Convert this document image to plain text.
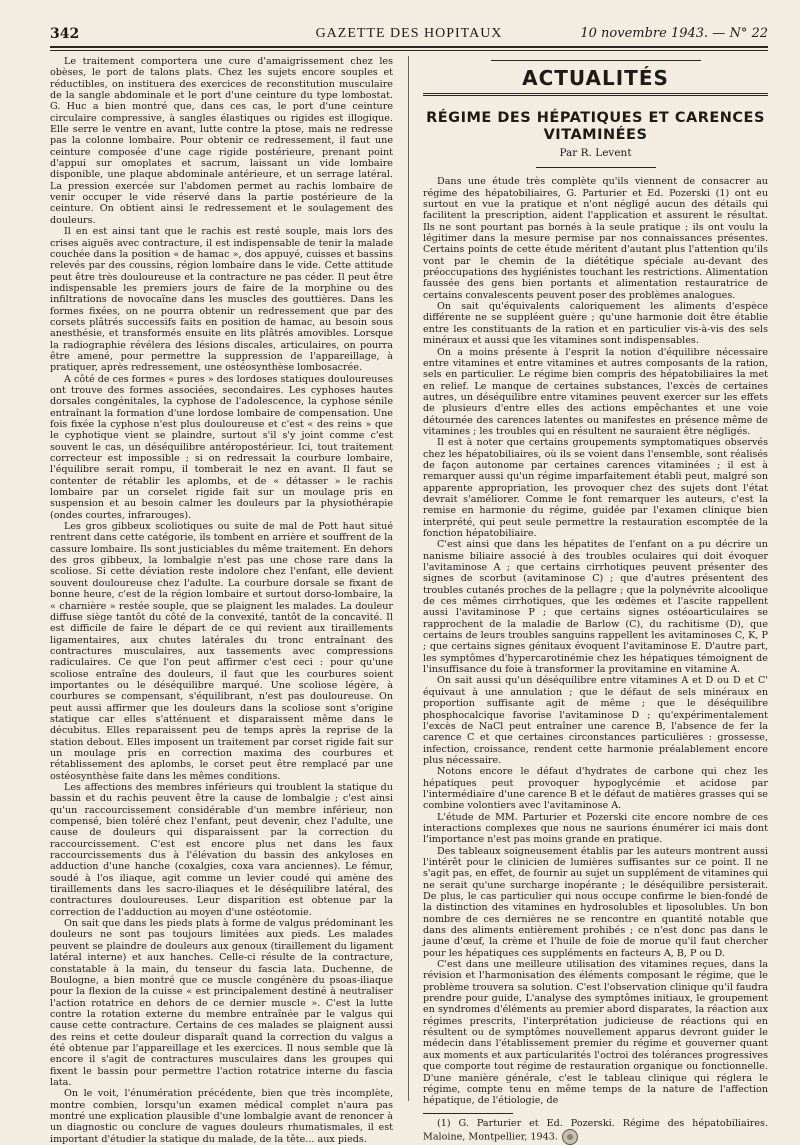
342	GAZETTE DES HOPITAUX	10 novembre 1943. — N° 22

Le traitement comportera une cure d'amaigrissement chez les obèses, le port de talons plats. Chez les sujets encore souples et réductibles, on instituera des exercices de reconstitution musculaire de la sangle abdominale et le port d'une ceinture du type lombostat. G. Huc a bien montré que, dans ces cas, le port d'une ceinture circulaire compressive, à sangles élastiques ou rigides est illogique. Elle serre le ventre en avant, lutte contre la ptose, mais ne redresse pas la colonne lombaire. Pour obtenir ce redressement, il faut une ceinture composée d'une cage rigide postérieure, prenant point d'appui sur omoplates et sacrum, laissant un vide lombaire disponible, une plaque abdominale antérieure, et un serrage latéral. La pression exercée sur l'abdomen permet au rachis lombaire de venir occuper le vide réservé dans la partie postérieure de la ceinture. On obtient ainsi le redressement et le soulagement des douleurs.

Il en est ainsi tant que le rachis est resté souple, mais lors des crises aiguës avec contracture, il est indispensable de tenir la malade couchée dans la position « de hamac », dos appuyé, cuisses et bassins relevés par des coussins, région lombaire dans le vide. Cette attitude peut être très douloureuse et la contracture ne pas céder. Il peut être indispensable les premiers jours de faire de la morphine ou des infiltrations de novocaïne dans les muscles des gouttières. Dans les formes fixées, on ne pourra obtenir un redressement que par des corsets plâtrés successifs faits en position de hamac, au besoin sous anesthésie, et transformés ensuite en lits plâtrés amovibles. Lorsque la radiographie révélera des lésions discales, articulaires, on pourra être amené, pour permettre la suppression de l'appareillage, à pratiquer, après redressement, une ostéosynthèse lombosacrée.

A côté de ces formes « pures » des lordoses statiques douloureuses ont trouve des formes associées, secondaires. Les cyphoses hautes dorsales congénitales, la cyphose de l'adolescence, la cyphose sénile entraînant la formation d'une lordose lombaire de compensation. Une fois fixée la cyphose n'est plus douloureuse et c'est « des reins » que le cyphotique vient se plaindre, surtout s'il s'y joint comme c'est souvent le cas, un déséquilibre antéropostérieur. Ici, tout traitement correcteur est impossible ; si on redressait la courbure lombaire, l'équilibre serait rompu, il tomberait le nez en avant. Il faut se contenter de rétablir les aplombs, et de « détasser » le rachis lombaire par un corselet rigide fait sur un moulage pris en suspension et au besoin calmer les douleurs par la physiothérapie (ondes courtes, infrarouges).

Les gros gibbeux scoliotiques ou suite de mal de Pott haut situé rentrent dans cette catégorie, ils tombent en arrière et souffrent de la cassure lombaire. Ils sont justiciables du même traitement. En dehors des gros gibbeux, la lombalgie n'est pas une chose rare dans la scoliose. Si cette déviation reste indolore chez l'enfant, elle devient souvent douloureuse chez l'adulte. La courbure dorsale se fixant de bonne heure, c'est de la région lombaire et surtout dorso-lombaire, la « charnière » restée souple, que se plaignent les malades. La douleur diffuse siège tantôt du côté de la convexité, tantôt de la concavité. Il est difficile de faire le départ de ce qui revient aux tiraillements ligamentaires, aux chutes latérales du tronc entraînant des contractures musculaires, aux tassements avec compressions radiculaires. Ce que l'on peut affirmer c'est ceci : pour qu'une scoliose entraîne des douleurs, il faut que les courbures soient importantes ou le déséquilibre marqué. Une scoliose légère, à courbures se compensant, s'équilibrant, n'est pas douloureuse. On peut aussi affirmer que les douleurs dans la scoliose sont s'origine statique car elles s'atténuent et disparaissent même dans le décubitus. Elles reparaissent peu de temps après la reprise de la station debout. Elles imposent un traitement par corset rigide fait sur un moulage pris en correction maxima des courbures et rétablissement des aplombs, le corset peut être remplacé par une ostéosynthèse faite dans les mêmes conditions.

Les affections des membres inférieurs qui troublent la statique du bassin et du rachis peuvent être la cause de lombalgie ; c'est ainsi qu'un raccourcissement considérable d'un membre inférieur, non compensé, bien toléré chez l'enfant, peut devenir, chez l'adulte, une cause de douleurs qui disparaissent par la correction du raccourcissement. C'est est encore plus net dans les faux raccourcissements dus à l'élévation du bassin des ankyloses en adduction d'une hanche (coxalgies, coxa vara anciennes). Le fémur, soudé à l'os iliaque, agit comme un levier coudé qui amène des tiraillements dans les sacro-iliaques et le déséquilibre latéral, des contractures douloureuses. Leur disparition est obtenue par la correction de l'adduction au moyen d'une ostéotomie.

On sait que dans les pieds plats à forme de valgus prédominant les douleurs ne sont pas toujours limitées aux pieds. Les malades peuvent se plaindre de douleurs aux genoux (tiraillement du ligament latéral interne) et aux hanches. Celle-ci résulte de la contracture, constatable à la main, du tenseur du fascia lata. Duchenne, de Boulogne, a bien montré que ce muscle congénère du psoas-iliaque pour la flexion de la cuisse « est principalement destiné à neutraliser l'action rotatrice en dehors de ce dernier muscle ». C'est la lutte contre la rotation externe du membre entraînée par le valgus qui cause cette contracture. Certains de ces malades se plaignent aussi des reins et cette douleur disparaît quand la correction du valgus a été obtenue par l'appareillage et les exercices. Il nous semble que là encore il s'agit de contractures musculaires dans les groupes qui fixent le bassin pour permettre l'action rotatrice interne du fascia lata.

On le voit, l'énumération précédente, bien que très incomplète, montre combien, lorsqu'un examen médical complet n'aura pas montré une explication plausible d'une lombalgie avant de renoncer à un diagnostic ou conclure de vagues douleurs rhumatismales, il est important d'étudier la statique du malade, de la tête... aux pieds.

ACTUALITÉS
RÉGIME DES HÉPATIQUES ET CARENCES VITAMINÉES
Par R. Levent

Dans une étude très complète qu'ils viennent de consacrer au régime des hépatobiliaires, G. Parturier et Ed. Pozerski (1) ont eu surtout en vue la pratique et n'ont négligé aucun des détails qui facilitent la prescription, aident l'application et assurent le résultat. Ils ne sont pourtant pas bornés à la seule pratique ; ils ont voulu la légitimer dans la mesure permise par nos connaissances présentes. Certains points de cette étude méritent d'autant plus l'attention qu'ils vont par le chemin de la diététique spéciale au-devant des préoccupations des hygiénistes touchant les restrictions. Alimentation faussée des gens bien portants et alimentation restauratrice de certains convalescents peuvent poser des problèmes analogues.

On sait qu'équivalents caloriquement les aliments d'espèce différente ne se suppléent guère ; qu'une harmonie doit être établie entre les constituants de la ration et en particulier vis-à-vis des sels minéraux et aussi que les vitamines sont indispensables.

On a moins présente à l'esprit la notion d'équilibre nécessaire entre vitamines et entre vitamines et autres composants de la ration, sels en particulier. Le régime bien compris des hépatobiliaires la met en relief. Le manque de certaines substances, l'excès de certaines autres, un déséquilibre entre vitamines peuvent exercer sur les effets de plusieurs d'entre elles des actions empêchantes et une voie détournée des carences latentes ou manifestes en présence même de vitamines ; les troubles qui en résultent ne sauraient être négligés.

Il est à noter que certains groupements symptomatiques observés chez les hépatobiliaires, où ils se voient dans l'ensemble, sont réalisés de façon autonome par certaines carences vitaminées ; il est à remarquer aussi qu'un régime imparfaitement établi peut, malgré son apparente appropriation, les provoquer chez des sujets dont l'état devrait s'améliorer. Comme le font remarquer les auteurs, c'est la remise en harmonie du régime, guidée par l'examen clinique bien interprété, qui peut seule permettre la restauration escomptée de la fonction hépatobiliaire.

C'est ainsi que dans les hépatites de l'enfant on a pu décrire un nanisme biliaire associé à des troubles oculaires qui doit évoquer l'avitaminose A ; que certains cirrhotiques peuvent présenter des signes de scorbut (avitaminose C) ; que d'autres présentent des troubles cutanés proches de la pellagre ; que la polynévrite alcoolique de ces mêmes cirrhotiques, que les œdèmes et l'ascite rappellent aussi l'avitaminose P ; que certains signes ostéoarticulaires se rapprochent de la maladie de Barlow (C), du rachitisme (D), que certains de leurs troubles sanguins rappellent les avitaminoses C, K, P ; que certains signes génitaux évoquent l'avitaminose E. D'autre part, les symptômes d'hypercarotinémie chez les hépatiques témoignent de l'insuffisance du foie à transformer la provitamine en vitamine A.

On sait aussi qu'un déséquilibre entre vitamines A et D ou D et C' équivaut à une annulation ; que le défaut de sels minéraux en proportion suffisante agit de même ; que le déséquilibre phosphocalcique favorise l'avitaminose D ; qu'expérimentalement l'excès de NaCl peut entraîner une carence B, l'absence de fer la carence C et que certaines circonstances particulières : grossesse, infection, croissance, rendent cette harmonie préalablement encore plus nécessaire.

Notons encore le défaut d'hydrates de carbone qui chez les hépatiques peut provoquer hypoglycémie et acidose par l'intermédiaire d'une carence B et le défaut de matières grasses qui se combine volontiers avec l'avitaminose A.

L'étude de MM. Parturier et Pozerski cite encore nombre de ces interactions complexes que nous ne saurions énumérer ici mais dont l'importance n'est pas moins grande en pratique.

Des tableaux soigneusement établis par les auteurs montrent aussi l'intérêt pour le clinicien de lumières suffisantes sur ce point. Il ne s'agit pas, en effet, de fournir au sujet un supplément de vitamines qui ne serait qu'une surcharge inopérante ; le déséquilibre persisterait. De plus, le cas particulier qui nous occupe confirme le bien-fondé de la distinction des vitamines en hydrosolubles et liposolubles. Un bon nombre de ces dernières ne se rencontre en quantité notable que dans des aliments entièrement prohibés ; ce n'est donc pas dans le jaune d'œuf, la crème et l'huile de foie de morue qu'il faut chercher pour les hépatiques ces suppléments en facteurs A, B, P ou D.

C'est dans une meilleure utilisation des vitamines reçues, dans la révision et l'harmonisation des éléments composant le régime, que le problème trouvera sa solution. C'est l'observation clinique qu'il faudra prendre pour guide, L'analyse des symptômes initiaux, le groupement en syndromes d'éléments au premier abord disparates, la réaction aux régimes prescrits, l'interprétation judicieuse de réactions qui en résultent ou de symptômes nouvellement apparus devront guider le médecin dans l'établissement premier du régime et gouverner quant aux moments et aux particularités l'octroi des tolérances progressives que comporte tout régime de restauration organique ou fonctionnelle. D'une manière générale, c'est le tableau clinique qui réglera le régime, compte tenu en même temps de la nature de l'affection hépatique, de l'étiologie, de

(1) G. Parturier et Ed. Pozerski. Régime des hépatobiliaires. Maloine, Montpellier, 1943.
